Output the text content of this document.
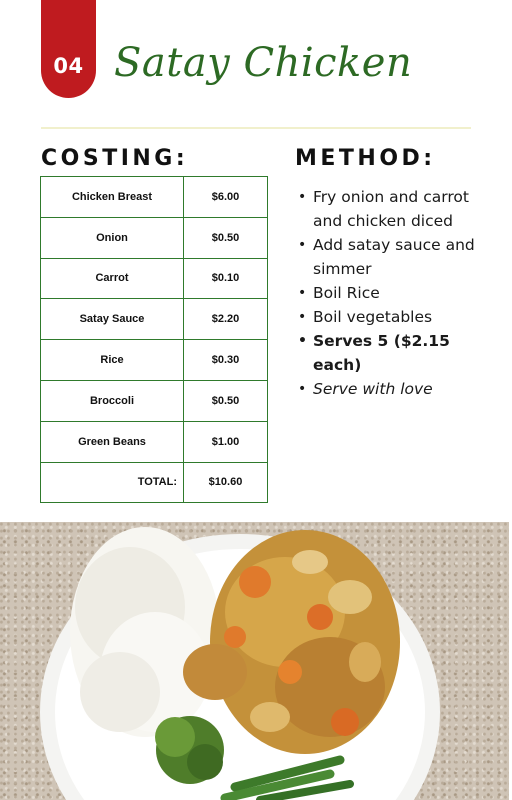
04 Satay Chicken
COSTING:	METHOD:
Chicken Breast	$6.00
Onion	$0.50
Carrot	$0.10
Satay Sauce	$2.20
Rice	$0.30
Broccoli	$0.50
Green Beans	$1.00
TOTAL:	$10.60
• Fry onion and carrot and chicken diced
• Add satay sauce and simmer
• Boil Rice
• Boil vegetables
• Serves 5 ($2.15 each)
• Serve with love
